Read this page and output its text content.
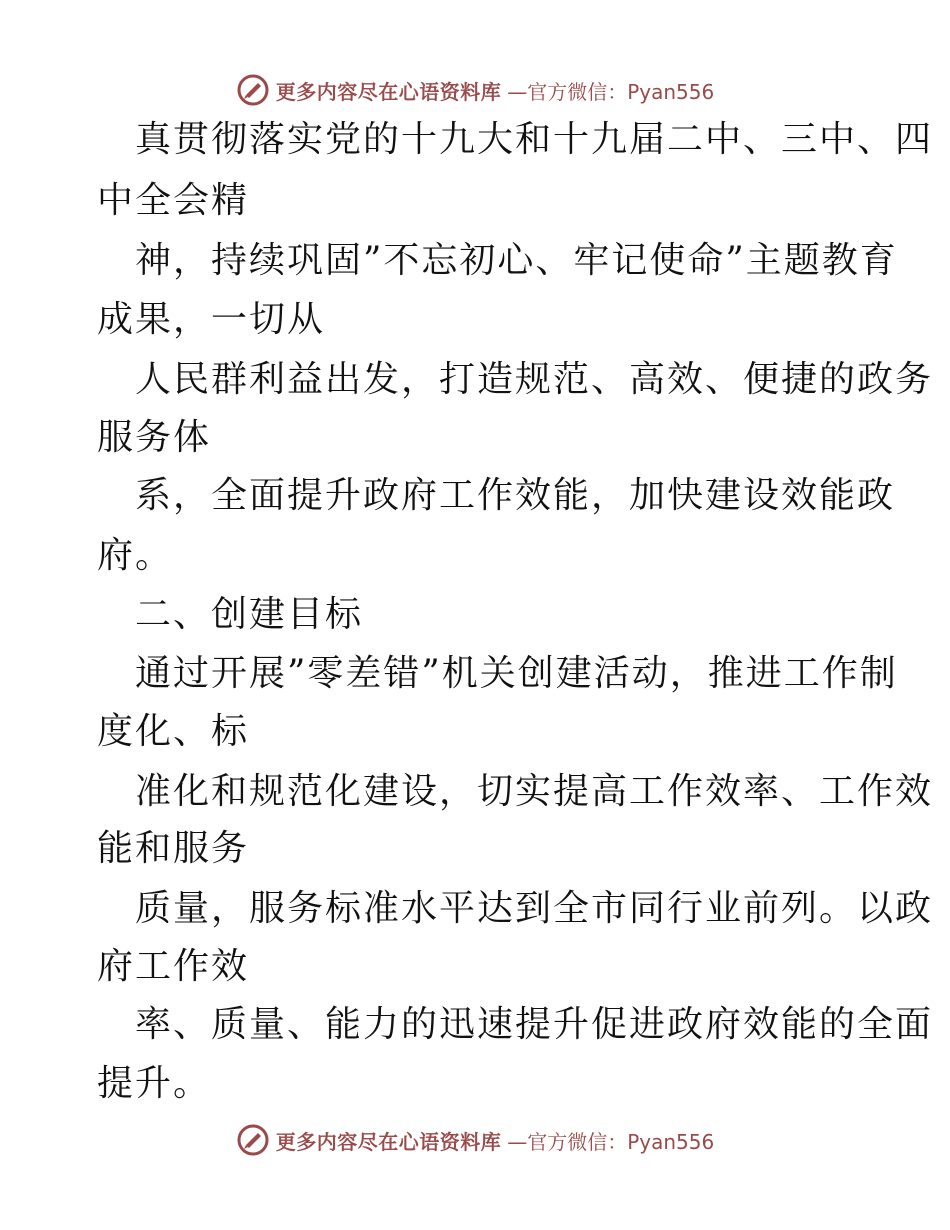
更多内容尽在心语资料库 —官方微信：Pyan556
真贯彻落实党的十九大和十九届二中、三中、四
中全会精
神，持续巩固”不忘初心、牢记使命”主题教育
成果，一切从
人民群利益出发，打造规范、高效、便捷的政务
服务体
系，全面提升政府工作效能，加快建设效能政
府。
二、创建目标
通过开展”零差错”机关创建活动，推进工作制
度化、标
准化和规范化建设，切实提高工作效率、工作效
能和服务
质量，服务标准水平达到全市同行业前列。以政
府工作效
率、质量、能力的迅速提升促进政府效能的全面
提升。
更多内容尽在心语资料库 —官方微信：Pyan556
